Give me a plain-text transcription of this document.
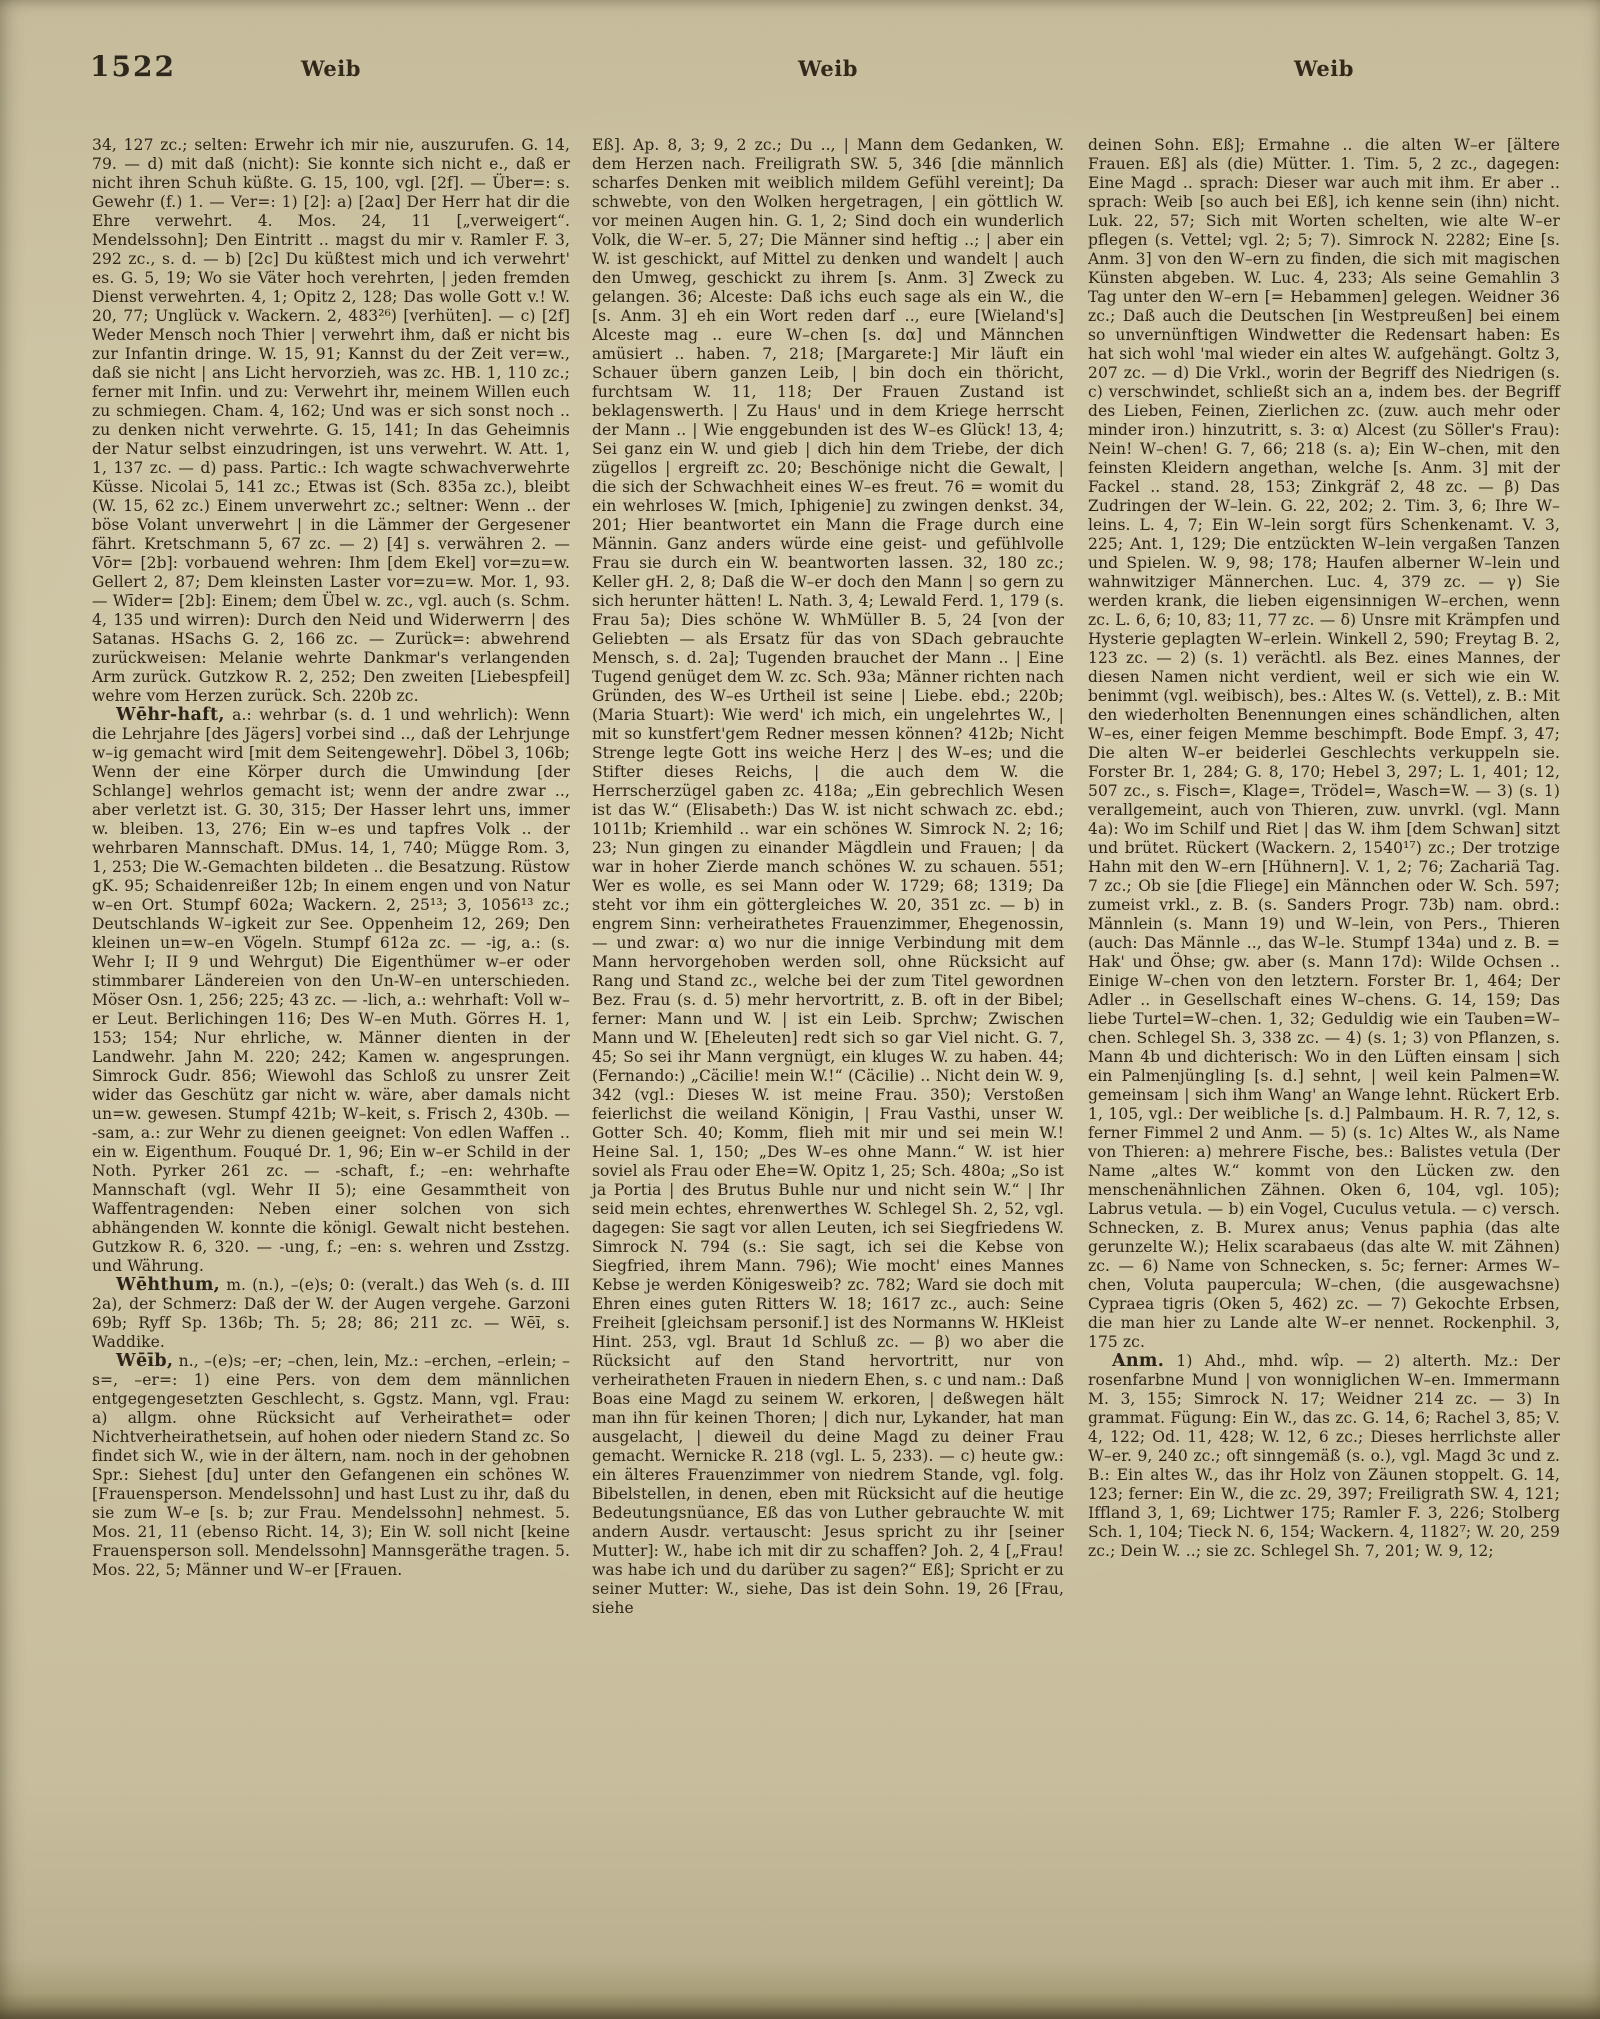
1522	Weib	Weib	Weib
34, 127 zc.; selten: Erwehr ich mir nie, auszurufen. G. 14, 79. — d) mit daß (nicht): Sie konnte sich nicht e., daß er nicht ihren Schuh küßte. G. 15, 100, vgl. [2f]. — Über=: s. Gewehr (f.) 1. — Ver=: 1) [2]: a) [2aα] Der Herr hat dir die Ehre verwehrt. 4. Mos. 24, 11 [„verweigert“. Mendelssohn]; Den Eintritt .. magst du mir v. Ramler F. 3, 292 zc., s. d. — b) [2c] Du küßtest mich und ich verwehrt' es. G. 5, 19; Wo sie Väter hoch verehrten, | jeden fremden Dienst verwehrten. 4, 1; Opitz 2, 128; Das wolle Gott v.! W. 20, 77; Unglück v. Wackern. 2, 483²⁶) [verhüten]. — c) [2f] Weder Mensch noch Thier | verwehrt ihm, daß er nicht bis zur Infantin dringe. W. 15, 91; Kannst du der Zeit ver=w., daß sie nicht | ans Licht hervorzieh, was zc. HB. 1, 110 zc.; ferner mit Infin. und zu: Verwehrt ihr, meinem Willen euch zu schmiegen. Cham. 4, 162; Und was er sich sonst noch .. zu denken nicht verwehrte. G. 15, 141; In das Geheimnis der Natur selbst einzudringen, ist uns verwehrt. W. Att. 1, 1, 137 zc. — d) pass. Partic.: Ich wagte schwachverwehrte Küsse. Nicolai 5, 141 zc.; Etwas ist (Sch. 835a zc.), bleibt (W. 15, 62 zc.) Einem unverwehrt zc.; seltner: Wenn .. der böse Volant unverwehrt | in die Lämmer der Gergesener fährt. Kretschmann 5, 67 zc. — 2) [4] s. verwähren 2. — Vōr= [2b]: vorbauend wehren: Ihm [dem Ekel] vor=zu=w. Gellert 2, 87; Dem kleinsten Laster vor=zu=w. Mor. 1, 93. — Wīder= [2b]: Einem; dem Übel w. zc., vgl. auch (s. Schm. 4, 135 und wirren): Durch den Neid und Widerwerrn | des Satanas. HSachs G. 2, 166 zc. — Zurück=: abwehrend zurückweisen: Melanie wehrte Dankmar's verlangenden Arm zurück. Gutzkow R. 2, 252; Den zweiten [Liebespfeil] wehre vom Herzen zurück. Sch. 220b zc.
Wēhr-haft, a.: wehrbar (s. d. 1 und wehrlich): Wenn die Lehrjahre [des Jägers] vorbei sind .., daß der Lehrjunge w–ig gemacht wird [mit dem Seitengewehr]. Döbel 3, 106b; Wenn der eine Körper durch die Umwindung [der Schlange] wehrlos gemacht ist; wenn der andre zwar .., aber verletzt ist. G. 30, 315; Der Hasser lehrt uns, immer w. bleiben. 13, 276; Ein w–es und tapfres Volk .. der wehrbaren Mannschaft. DMus. 14, 1, 740; Mügge Rom. 3, 1, 253; Die W.-Gemachten bildeten .. die Besatzung. Rüstow gK. 95; Schaidenreißer 12b; In einem engen und von Natur w–en Ort. Stumpf 602a; Wackern. 2, 25¹³; 3, 1056¹³ zc.; Deutschlands W–igkeit zur See. Oppenheim 12, 269; Den kleinen un=w–en Vögeln. Stumpf 612a zc. — -ig, a.: (s. Wehr I; II 9 und Wehrgut) Die Eigenthümer w–er oder stimmbarer Ländereien von den Un-W–en unterschieden. Möser Osn. 1, 256; 225; 43 zc. — -lich, a.: wehrhaft: Voll w–er Leut. Berlichingen 116; Des W–en Muth. Görres H. 1, 153; 154; Nur ehrliche, w. Männer dienten in der Landwehr. Jahn M. 220; 242; Kamen w. angesprungen. Simrock Gudr. 856; Wiewohl das Schloß zu unsrer Zeit wider das Geschütz gar nicht w. wäre, aber damals nicht un=w. gewesen. Stumpf 421b; W–keit, s. Frisch 2, 430b. — -sam, a.: zur Wehr zu dienen geeignet: Von edlen Waffen .. ein w. Eigenthum. Fouqué Dr. 1, 96; Ein w–er Schild in der Noth. Pyrker 261 zc. — -schaft, f.; –en: wehrhafte Mannschaft (vgl. Wehr II 5); eine Gesammtheit von Waffentragenden: Neben einer solchen von sich abhängenden W. konnte die königl. Gewalt nicht bestehen. Gutzkow R. 6, 320. — -ung, f.; –en: s. wehren und Zsstzg. und Währung.
Wēhthum, m. (n.), –(e)s; 0: (veralt.) das Weh (s. d. III 2a), der Schmerz: Daß der W. der Augen vergehe. Garzoni 69b; Ryff Sp. 136b; Th. 5; 28; 86; 211 zc. — Wēī, s. Waddike.
Wēīb, n., –(e)s; –er; –chen, lein, Mz.: –erchen, –erlein; –s=, –er=: 1) eine Pers. von dem dem männlichen entgegengesetzten Geschlecht, s. Ggstz. Mann, vgl. Frau: a) allgm. ohne Rücksicht auf Verheirathet= oder Nichtverheirathetsein, auf hohen oder niedern Stand zc. So findet sich W., wie in der ältern, nam. noch in der gehobnen Spr.: Siehest [du] unter den Gefangenen ein schönes W. [Frauensperson. Mendelssohn] und hast Lust zu ihr, daß du sie zum W–e [s. b; zur Frau. Mendelssohn] nehmest. 5. Mos. 21, 11 (ebenso Richt. 14, 3); Ein W. soll nicht [keine Frauensperson soll. Mendelssohn] Mannsgeräthe tragen. 5. Mos. 22, 5; Männer und W–er [Frauen.
Eß]. Ap. 8, 3; 9, 2 zc.; Du .., | Mann dem Gedanken, W. dem Herzen nach. Freiligrath SW. 5, 346 [die männlich scharfes Denken mit weiblich mildem Gefühl vereint]; Da schwebte, von den Wolken hergetragen, | ein göttlich W. vor meinen Augen hin. G. 1, 2; Sind doch ein wunderlich Volk, die W–er. 5, 27; Die Männer sind heftig ..; | aber ein W. ist geschickt, auf Mittel zu denken und wandelt | auch den Umweg, geschickt zu ihrem [s. Anm. 3] Zweck zu gelangen. 36; Alceste: Daß ichs euch sage als ein W., die [s. Anm. 3] eh ein Wort reden darf .., eure [Wieland's] Alceste mag .. eure W–chen [s. dα] und Männchen amüsiert .. haben. 7, 218; [Margarete:] Mir läuft ein Schauer übern ganzen Leib, | bin doch ein thöricht, furchtsam W. 11, 118; Der Frauen Zustand ist beklagenswerth. | Zu Haus' und in dem Kriege herrscht der Mann .. | Wie enggebunden ist des W–es Glück! 13, 4; Sei ganz ein W. und gieb | dich hin dem Triebe, der dich zügellos | ergreift zc. 20; Beschönige nicht die Gewalt, | die sich der Schwachheit eines W–es freut. 76 = womit du ein wehrloses W. [mich, Iphigenie] zu zwingen denkst. 34, 201; Hier beantwortet ein Mann die Frage durch eine Männin. Ganz anders würde eine geist- und gefühlvolle Frau sie durch ein W. beantworten lassen. 32, 180 zc.; Keller gH. 2, 8; Daß die W–er doch den Mann | so gern zu sich herunter hätten! L. Nath. 3, 4; Lewald Ferd. 1, 179 (s. Frau 5a); Dies schöne W. WhMüller B. 5, 24 [von der Geliebten — als Ersatz für das von SDach gebrauchte Mensch, s. d. 2a]; Tugenden brauchet der Mann .. | Eine Tugend genüget dem W. zc. Sch. 93a; Männer richten nach Gründen, des W–es Urtheil ist seine | Liebe. ebd.; 220b; (Maria Stuart): Wie werd' ich mich, ein ungelehrtes W., | mit so kunstfert'gem Redner messen können? 412b; Nicht Strenge legte Gott ins weiche Herz | des W–es; und die Stifter dieses Reichs, | die auch dem W. die Herrscherzügel gaben zc. 418a; „Ein gebrechlich Wesen ist das W.“ (Elisabeth:) Das W. ist nicht schwach zc. ebd.; 1011b; Kriemhild .. war ein schönes W. Simrock N. 2; 16; 23; Nun gingen zu einander Mägdlein und Frauen; | da war in hoher Zierde manch schönes W. zu schauen. 551; Wer es wolle, es sei Mann oder W. 1729; 68; 1319; Da steht vor ihm ein göttergleiches W. 20, 351 zc. — b) in engrem Sinn: verheirathetes Frauenzimmer, Ehegenossin, — und zwar: α) wo nur die innige Verbindung mit dem Mann hervorgehoben werden soll, ohne Rücksicht auf Rang und Stand zc., welche bei der zum Titel gewordnen Bez. Frau (s. d. 5) mehr hervortritt, z. B. oft in der Bibel; ferner: Mann und W. | ist ein Leib. Sprchw; Zwischen Mann und W. [Eheleuten] redt sich so gar Viel nicht. G. 7, 45; So sei ihr Mann vergnügt, ein kluges W. zu haben. 44; (Fernando:) „Cäcilie! mein W.!“ (Cäcilie) .. Nicht dein W. 9, 342 (vgl.: Dieses W. ist meine Frau. 350); Verstoßen feierlichst die weiland Königin, | Frau Vasthi, unser W. Gotter Sch. 40; Komm, flieh mit mir und sei mein W.! Heine Sal. 1, 150; „Des W–es ohne Mann.“ W. ist hier soviel als Frau oder Ehe=W. Opitz 1, 25; Sch. 480a; „So ist ja Portia | des Brutus Buhle nur und nicht sein W.“ | Ihr seid mein echtes, ehrenwerthes W. Schlegel Sh. 2, 52, vgl. dagegen: Sie sagt vor allen Leuten, ich sei Siegfriedens W. Simrock N. 794 (s.: Sie sagt, ich sei die Kebse von Siegfried, ihrem Mann. 796); Wie mocht' eines Mannes Kebse je werden Königesweib? zc. 782; Ward sie doch mit Ehren eines guten Ritters W. 18; 1617 zc., auch: Seine Freiheit [gleichsam personif.] ist des Normanns W. HKleist Hint. 253, vgl. Braut 1d Schluß zc. — β) wo aber die Rücksicht auf den Stand hervortritt, nur von verheiratheten Frauen in niedern Ehen, s. c und nam.: Daß Boas eine Magd zu seinem W. erkoren, | deßwegen hält man ihn für keinen Thoren; | dich nur, Lykander, hat man ausgelacht, | dieweil du deine Magd zu deiner Frau gemacht. Wernicke R. 218 (vgl. L. 5, 233). — c) heute gw.: ein älteres Frauenzimmer von niedrem Stande, vgl. folg. Bibelstellen, in denen, eben mit Rücksicht auf die heutige Bedeutungsnüance, Eß das von Luther gebrauchte W. mit andern Ausdr. vertauscht: Jesus spricht zu ihr [seiner Mutter]: W., habe ich mit dir zu schaffen? Joh. 2, 4 [„Frau! was habe ich und du darüber zu sagen?“ Eß]; Spricht er zu seiner Mutter: W., siehe, Das ist dein Sohn. 19, 26 [Frau, siehe
deinen Sohn. Eß]; Ermahne .. die alten W–er [ältere Frauen. Eß] als (die) Mütter. 1. Tim. 5, 2 zc., dagegen: Eine Magd .. sprach: Dieser war auch mit ihm. Er aber .. sprach: Weib [so auch bei Eß], ich kenne sein (ihn) nicht. Luk. 22, 57; Sich mit Worten schelten, wie alte W–er pflegen (s. Vettel; vgl. 2; 5; 7). Simrock N. 2282; Eine [s. Anm. 3] von den W–ern zu finden, die sich mit magischen Künsten abgeben. W. Luc. 4, 233; Als seine Gemahlin 3 Tag unter den W–ern [= Hebammen] gelegen. Weidner 36 zc.; Daß auch die Deutschen [in Westpreußen] bei einem so unvernünftigen Windwetter die Redensart haben: Es hat sich wohl 'mal wieder ein altes W. aufgehängt. Goltz 3, 207 zc. — d) Die Vrkl., worin der Begriff des Niedrigen (s. c) verschwindet, schließt sich an a, indem bes. der Begriff des Lieben, Feinen, Zierlichen zc. (zuw. auch mehr oder minder iron.) hinzutritt, s. 3: α) Alcest (zu Söller's Frau): Nein! W–chen! G. 7, 66; 218 (s. a); Ein W–chen, mit den feinsten Kleidern angethan, welche [s. Anm. 3] mit der Fackel .. stand. 28, 153; Zinkgräf 2, 48 zc. — β) Das Zudringen der W–lein. G. 22, 202; 2. Tim. 3, 6; Ihre W–leins. L. 4, 7; Ein W–lein sorgt fürs Schenkenamt. V. 3, 225; Ant. 1, 129; Die entzückten W–lein vergaßen Tanzen und Spielen. W. 9, 98; 178; Haufen alberner W–lein und wahnwitziger Männerchen. Luc. 4, 379 zc. — γ) Sie werden krank, die lieben eigensinnigen W–erchen, wenn zc. L. 6, 6; 10, 83; 11, 77 zc. — δ) Unsre mit Krämpfen und Hysterie geplagten W–erlein. Winkell 2, 590; Freytag B. 2, 123 zc. — 2) (s. 1) verächtl. als Bez. eines Mannes, der diesen Namen nicht verdient, weil er sich wie ein W. benimmt (vgl. weibisch), bes.: Altes W. (s. Vettel), z. B.: Mit den wiederholten Benennungen eines schändlichen, alten W–es, einer feigen Memme beschimpft. Bode Empf. 3, 47; Die alten W–er beiderlei Geschlechts verkuppeln sie. Forster Br. 1, 284; G. 8, 170; Hebel 3, 297; L. 1, 401; 12, 507 zc., s. Fisch=, Klage=, Trödel=, Wasch=W. — 3) (s. 1) verallgemeint, auch von Thieren, zuw. unvrkl. (vgl. Mann 4a): Wo im Schilf und Riet | das W. ihm [dem Schwan] sitzt und brütet. Rückert (Wackern. 2, 1540¹⁷) zc.; Der trotzige Hahn mit den W–ern [Hühnern]. V. 1, 2; 76; Zachariä Tag. 7 zc.; Ob sie [die Fliege] ein Männchen oder W. Sch. 597; zumeist vrkl., z. B. (s. Sanders Progr. 73b) nam. obrd.: Männlein (s. Mann 19) und W–lein, von Pers., Thieren (auch: Das Männle .., das W–le. Stumpf 134a) und z. B. = Hak' und Öhse; gw. aber (s. Mann 17d): Wilde Ochsen .. Einige W–chen von den letztern. Forster Br. 1, 464; Der Adler .. in Gesellschaft eines W–chens. G. 14, 159; Das liebe Turtel=W–chen. 1, 32; Geduldig wie ein Tauben=W–chen. Schlegel Sh. 3, 338 zc. — 4) (s. 1; 3) von Pflanzen, s. Mann 4b und dichterisch: Wo in den Lüften einsam | sich ein Palmenjüngling [s. d.] sehnt, | weil kein Palmen=W. gemeinsam | sich ihm Wang' an Wange lehnt. Rückert Erb. 1, 105, vgl.: Der weibliche [s. d.] Palmbaum. H. R. 7, 12, s. ferner Fimmel 2 und Anm. — 5) (s. 1c) Altes W., als Name von Thieren: a) mehrere Fische, bes.: Balistes vetula (Der Name „altes W.“ kommt von den Lücken zw. den menschenähnlichen Zähnen. Oken 6, 104, vgl. 105); Labrus vetula. — b) ein Vogel, Cuculus vetula. — c) versch. Schnecken, z. B. Murex anus; Venus paphia (das alte gerunzelte W.); Helix scarabaeus (das alte W. mit Zähnen) zc. — 6) Name von Schnecken, s. 5c; ferner: Armes W–chen, Voluta paupercula; W–chen, (die ausgewachsne) Cypraea tigris (Oken 5, 462) zc. — 7) Gekochte Erbsen, die man hier zu Lande alte W–er nennet. Rockenphil. 3, 175 zc.
Anm. 1) Ahd., mhd. wîp. — 2) alterth. Mz.: Der rosenfarbne Mund | von wonniglichen W–en. Immermann M. 3, 155; Simrock N. 17; Weidner 214 zc. — 3) In grammat. Fügung: Ein W., das zc. G. 14, 6; Rachel 3, 85; V. 4, 122; Od. 11, 428; W. 12, 6 zc.; Dieses herrlichste aller W–er. 9, 240 zc.; oft sinngemäß (s. o.), vgl. Magd 3c und z. B.: Ein altes W., das ihr Holz von Zäunen stoppelt. G. 14, 123; ferner: Ein W., die zc. 29, 397; Freiligrath SW. 4, 121; Iffland 3, 1, 69; Lichtwer 175; Ramler F. 3, 226; Stolberg Sch. 1, 104; Tieck N. 6, 154; Wackern. 4, 1182⁷; W. 20, 259 zc.; Dein W. ..; sie zc. Schlegel Sh. 7, 201; W. 9, 12;
